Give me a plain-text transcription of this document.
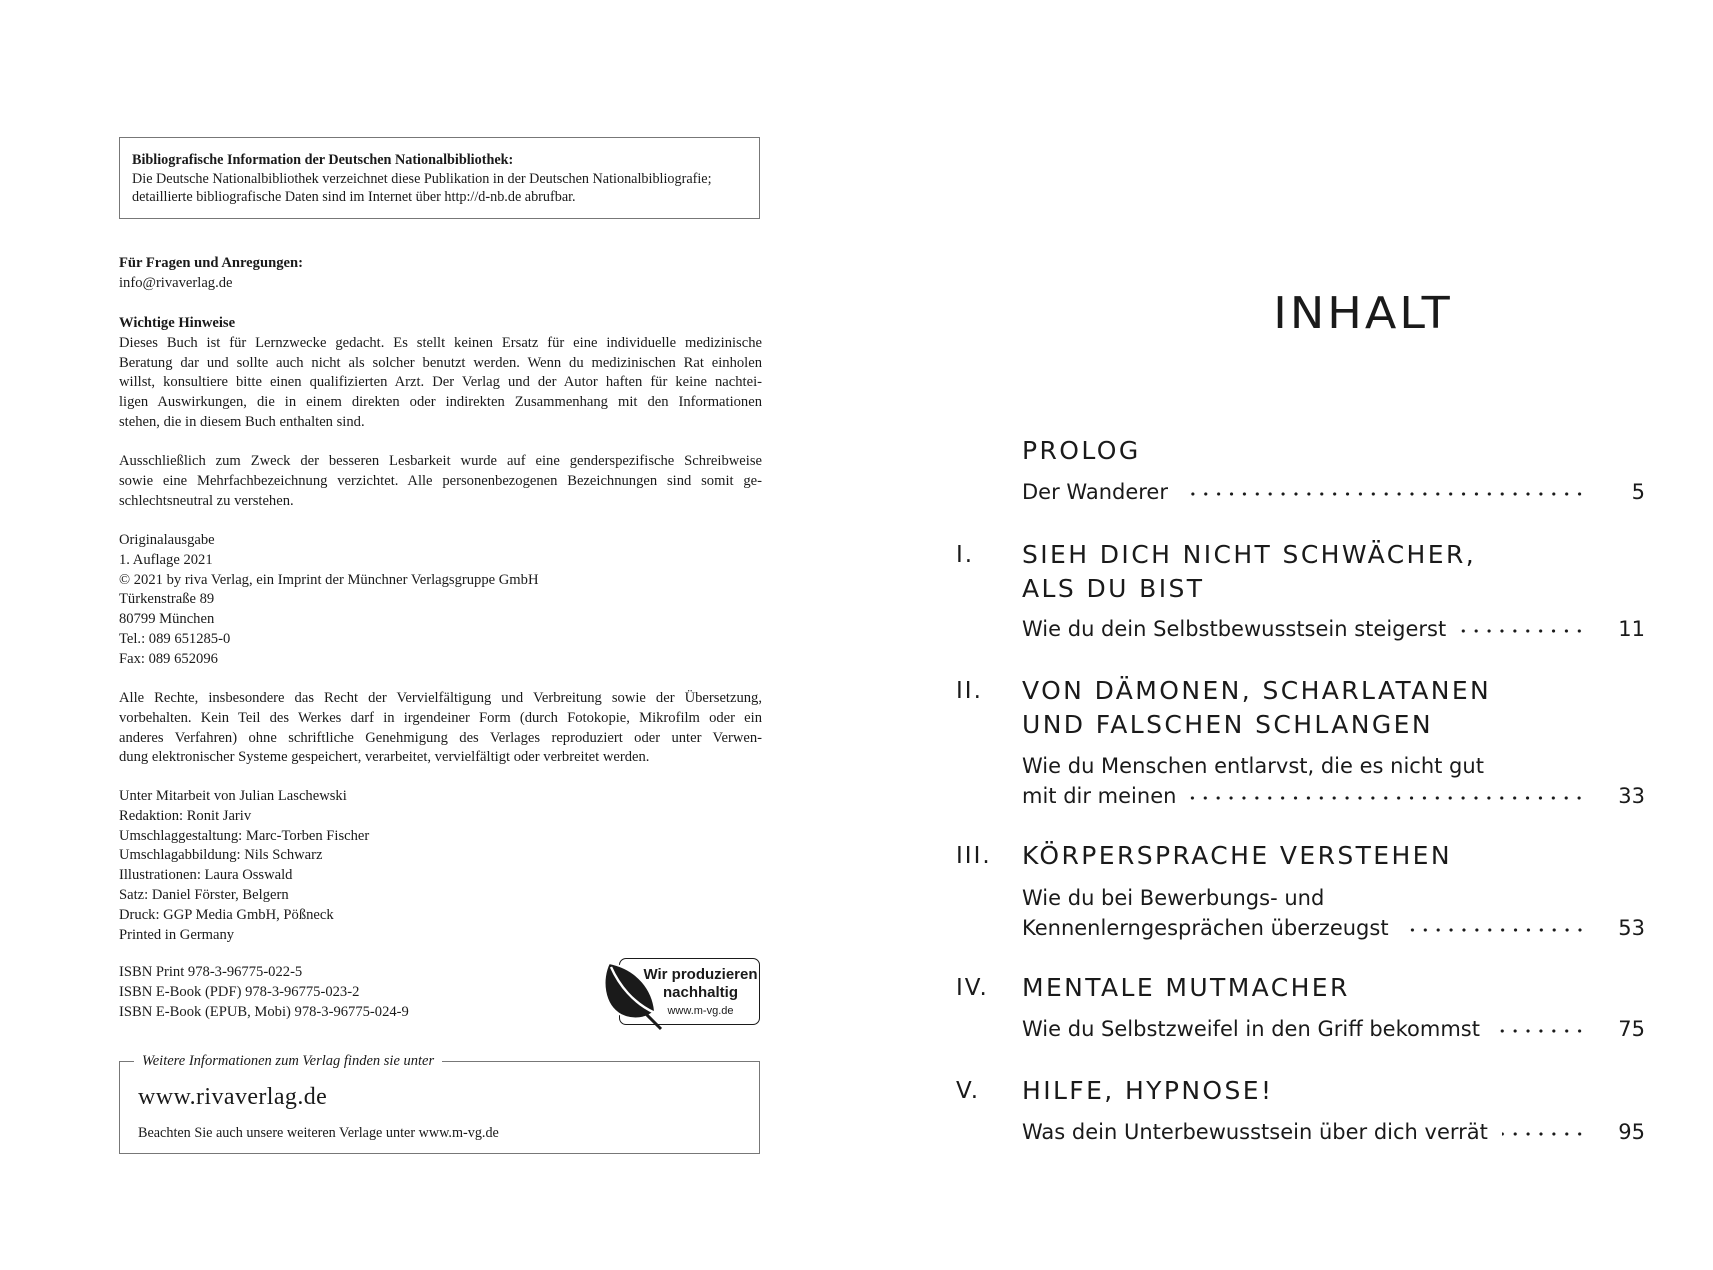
Bibliografische Information der Deutschen Nationalbibliothek:
Die Deutsche Nationalbibliothek verzeichnet diese Publikation in der Deutschen Nationalbibliografie;
detaillierte bibliografische Daten sind im Internet über http://d-nb.de abrufbar.
Für Fragen und Anregungen:
info@rivaverlag.de
Wichtige Hinweise
Dieses Buch ist für Lernzwecke gedacht. Es stellt keinen Ersatz für eine individuelle medizinische
Beratung dar und sollte auch nicht als solcher benutzt werden. Wenn du medizinischen Rat einholen
willst, konsultiere bitte einen qualifizierten Arzt. Der Verlag und der Autor haften für keine nachtei-
ligen Auswirkungen, die in einem direkten oder indirekten Zusammenhang mit den Informationen
stehen, die in diesem Buch enthalten sind.
Ausschließlich zum Zweck der besseren Lesbarkeit wurde auf eine genderspezifische Schreibweise
sowie eine Mehrfachbezeichnung verzichtet. Alle personenbezogenen Bezeichnungen sind somit ge-
schlechtsneutral zu verstehen.
Originalausgabe
1. Auflage 2021
© 2021 by riva Verlag, ein Imprint der Münchner Verlagsgruppe GmbH
Türkenstraße 89
80799 München
Tel.: 089 651285-0
Fax: 089 652096
Alle Rechte, insbesondere das Recht der Vervielfältigung und Verbreitung sowie der Übersetzung,
vorbehalten. Kein Teil des Werkes darf in irgendeiner Form (durch Fotokopie, Mikrofilm oder ein
anderes Verfahren) ohne schriftliche Genehmigung des Verlages reproduziert oder unter Verwen-
dung elektronischer Systeme gespeichert, verarbeitet, vervielfältigt oder verbreitet werden.
Unter Mitarbeit von Julian Laschewski
Redaktion: Ronit Jariv
Umschlaggestaltung: Marc-Torben Fischer
Umschlagabbildung: Nils Schwarz
Illustrationen: Laura Osswald
Satz: Daniel Förster, Belgern
Druck: GGP Media GmbH, Pößneck
Printed in Germany
ISBN Print 978-3-96775-022-5
ISBN E-Book (PDF) 978-3-96775-023-2
ISBN E-Book (EPUB, Mobi) 978-3-96775-024-9
Wir produzieren
nachhaltig
www.m-vg.de
Weitere Informationen zum Verlag finden sie unter
www.rivaverlag.de
Beachten Sie auch unsere weiteren Verlage unter www.m-vg.de
INHALT
PROLOG
Der Wanderer	5
I. SIEH DICH NICHT SCHWÄCHER,
ALS DU BIST
Wie du dein Selbstbewusstsein steigerst	11
II. VON DÄMONEN, SCHARLATANEN
UND FALSCHEN SCHLANGEN
Wie du Menschen entlarvst, die es nicht gut
mit dir meinen	33
III. KÖRPERSPRACHE VERSTEHEN
Wie du bei Bewerbungs- und
Kennenlerngesprächen überzeugst	53
IV. MENTALE MUTMACHER
Wie du Selbstzweifel in den Griff bekommst	75
V. HILFE, HYPNOSE!
Was dein Unterbewusstsein über dich verrät	95
